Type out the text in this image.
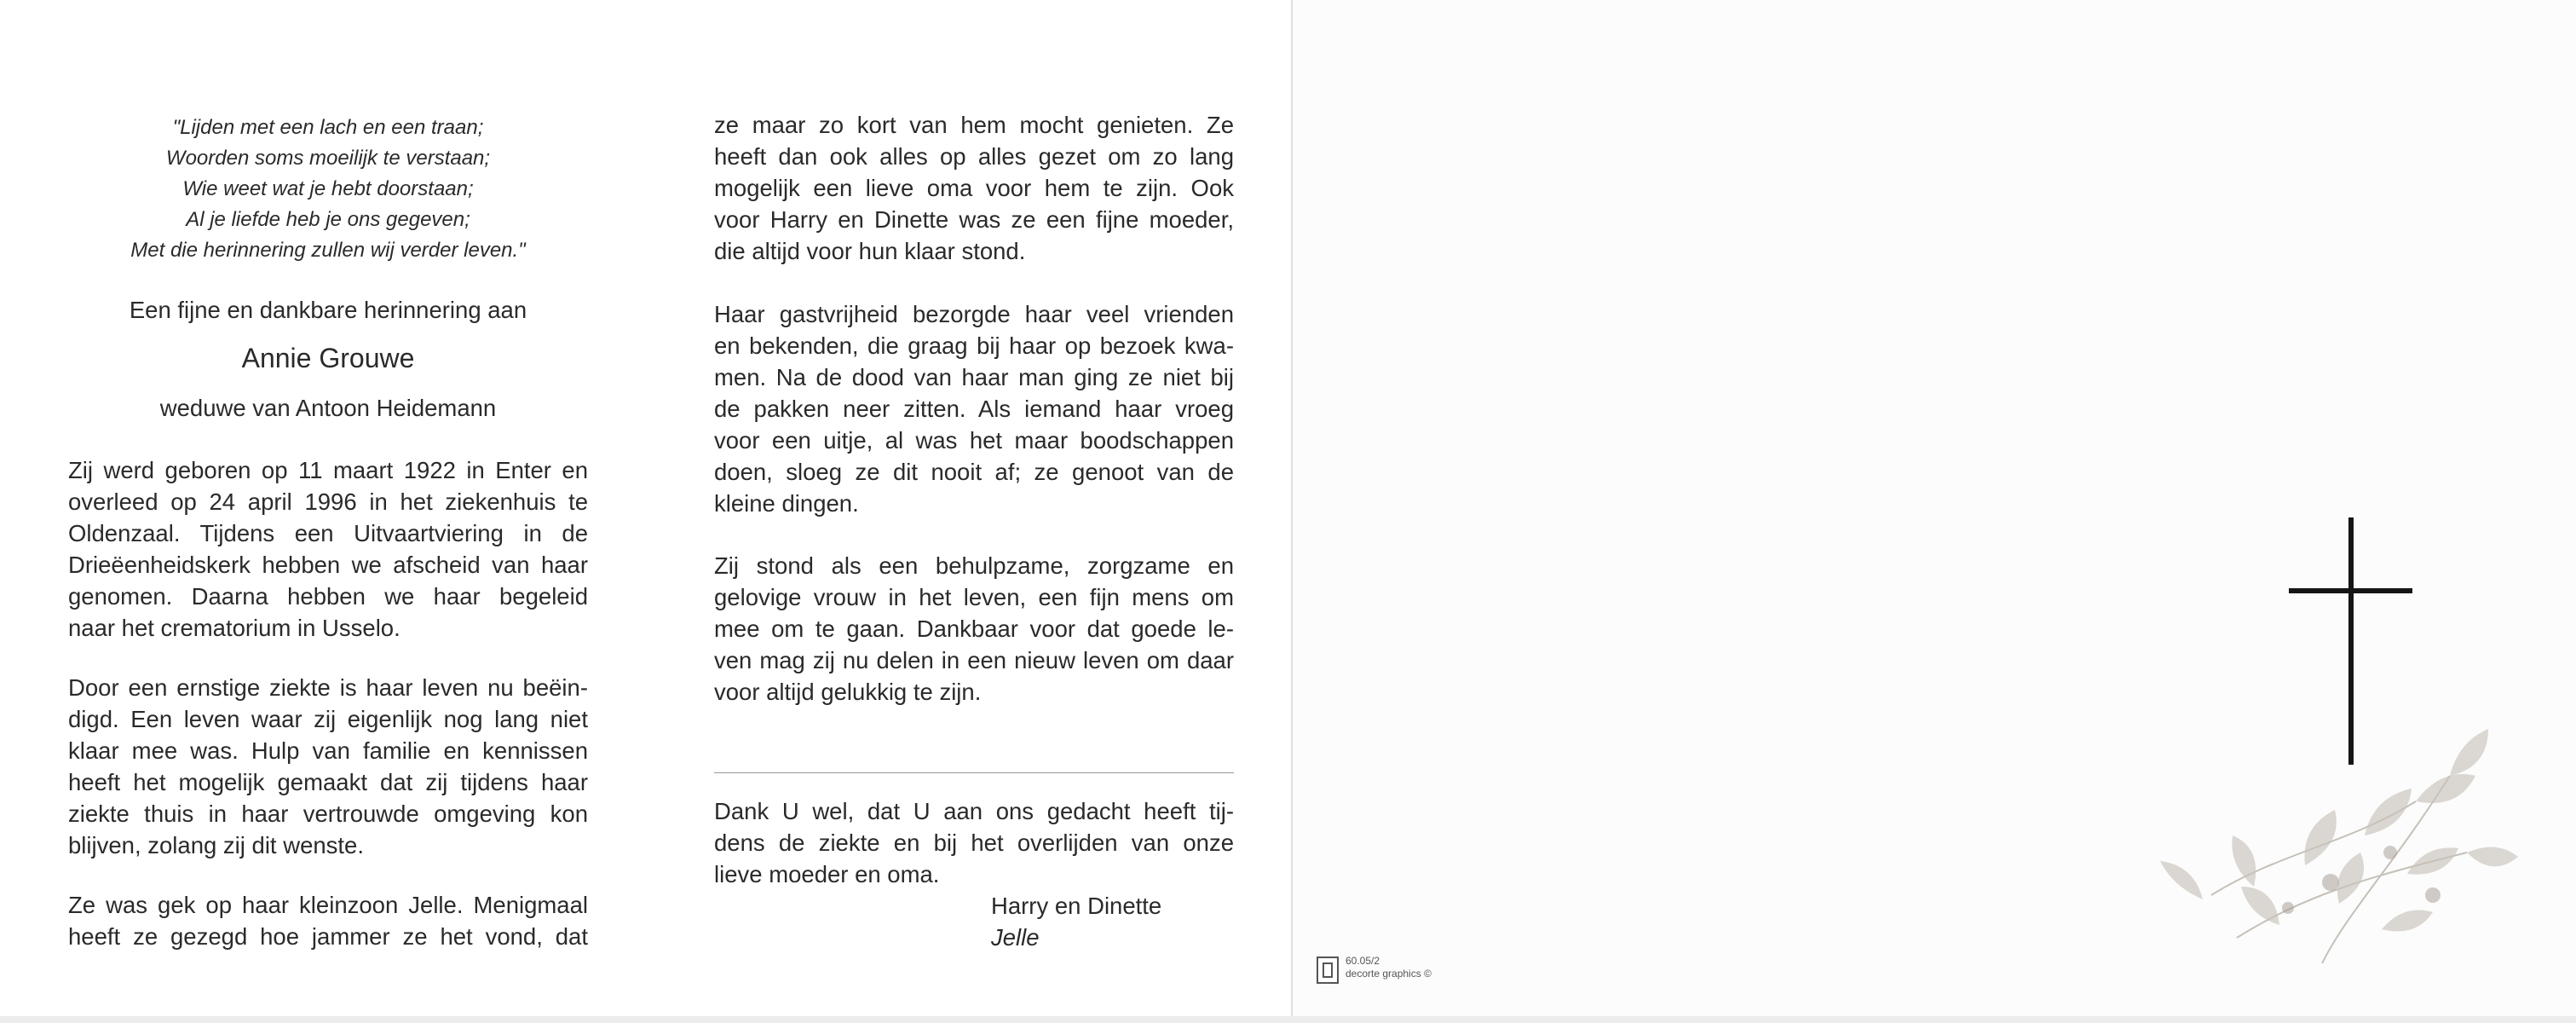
"Lijden met een lach en een traan;
Woorden soms moeilijk te verstaan;
Wie weet wat je hebt doorstaan;
Al je liefde heb je ons gegeven;
Met die herinnering zullen wij verder leven."
Een fijne en dankbare herinnering aan
Annie Grouwe
weduwe van Antoon Heidemann
Zij werd geboren op 11 maart 1922 in Enter en
overleed op 24 april 1996 in het ziekenhuis te
Oldenzaal. Tijdens een Uitvaartviering in de
Drieëenheidskerk hebben we afscheid van haar
genomen. Daarna hebben we haar begeleid
naar het crematorium in Usselo.
Door een ernstige ziekte is haar leven nu beëin-
digd. Een leven waar zij eigenlijk nog lang niet
klaar mee was. Hulp van familie en kennissen
heeft het mogelijk gemaakt dat zij tijdens haar
ziekte thuis in haar vertrouwde omgeving kon
blijven, zolang zij dit wenste.
Ze was gek op haar kleinzoon Jelle. Menigmaal
heeft ze gezegd hoe jammer ze het vond, dat
ze maar zo kort van hem mocht genieten. Ze
heeft dan ook alles op alles gezet om zo lang
mogelijk een lieve oma voor hem te zijn. Ook
voor Harry en Dinette was ze een fijne moeder,
die altijd voor hun klaar stond.
Haar gastvrijheid bezorgde haar veel vrienden
en bekenden, die graag bij haar op bezoek kwa-
men. Na de dood van haar man ging ze niet bij
de pakken neer zitten. Als iemand haar vroeg
voor een uitje, al was het maar boodschappen
doen, sloeg ze dit nooit af; ze genoot van de
kleine dingen.
Zij stond als een behulpzame, zorgzame en
gelovige vrouw in het leven, een fijn mens om
mee om te gaan. Dankbaar voor dat goede le-
ven mag zij nu delen in een nieuw leven om daar
voor altijd gelukkig te zijn.
Dank U wel, dat U aan ons gedacht heeft tij-
dens de ziekte en bij het overlijden van onze
lieve moeder en oma.
Harry en Dinette
Jelle
60.05/2
decorte graphics ©
